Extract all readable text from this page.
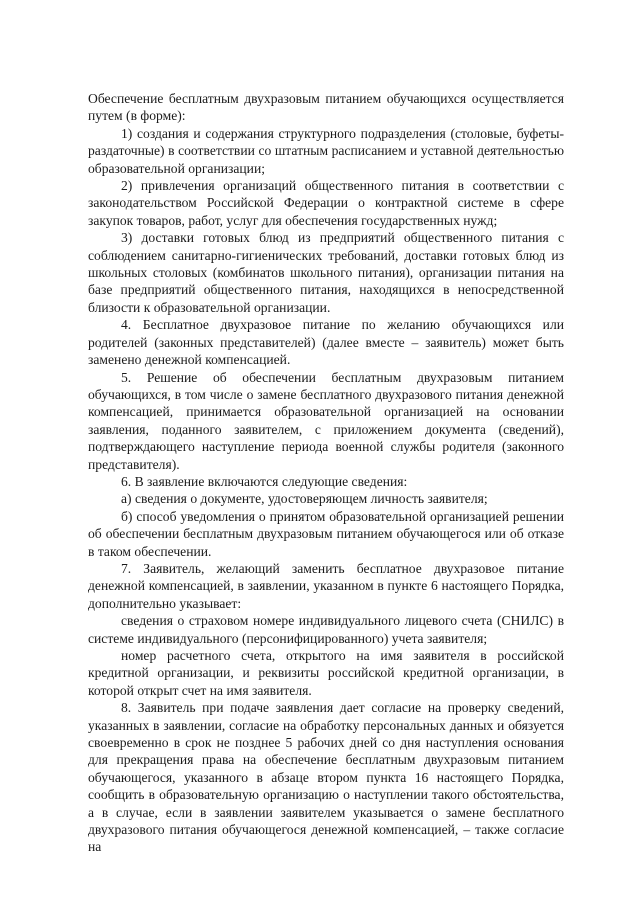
Обеспечение бесплатным двухразовым питанием обучающихся осуществляется путем (в форме):

1) создания и содержания структурного подразделения (столовые, буфеты-раздаточные) в соответствии со штатным расписанием и уставной деятельностью образовательной организации;

2) привлечения организаций общественного питания в соответствии с законодательством Российской Федерации о контрактной системе в сфере закупок товаров, работ, услуг для обеспечения государственных нужд;

3) доставки готовых блюд из предприятий общественного питания с соблюдением санитарно-гигиенических требований, доставки готовых блюд из школьных столовых (комбинатов школьного питания), организации питания на базе предприятий общественного питания, находящихся в непосредственной близости к образовательной организации.

4. Бесплатное двухразовое питание по желанию обучающихся или родителей (законных представителей) (далее вместе – заявитель) может быть заменено денежной компенсацией.

5. Решение об обеспечении бесплатным двухразовым питанием обучающихся, в том числе о замене бесплатного двухразового питания денежной компенсацией, принимается образовательной организацией на основании заявления, поданного заявителем, с приложением документа (сведений), подтверждающего наступление периода военной службы родителя (законного представителя).

6. В заявление включаются следующие сведения:

а) сведения о документе, удостоверяющем личность заявителя;

б) способ уведомления о принятом образовательной организацией решении об обеспечении бесплатным двухразовым питанием обучающегося или об отказе в таком обеспечении.

7. Заявитель, желающий заменить бесплатное двухразовое питание денежной компенсацией, в заявлении, указанном в пункте 6 настоящего Порядка, дополнительно указывает:

сведения о страховом номере индивидуального лицевого счета (СНИЛС) в системе индивидуального (персонифицированного) учета заявителя;

номер расчетного счета, открытого на имя заявителя в российской кредитной организации, и реквизиты российской кредитной организации, в которой открыт счет на имя заявителя.

8. Заявитель при подаче заявления дает согласие на проверку сведений, указанных в заявлении, согласие на обработку персональных данных и обязуется своевременно в срок не позднее 5 рабочих дней со дня наступления основания для прекращения права на обеспечение бесплатным двухразовым питанием обучающегося, указанного в абзаце втором пункта 16 настоящего Порядка, сообщить в образовательную организацию о наступлении такого обстоятельства, а в случае, если в заявлении заявителем указывается о замене бесплатного двухразового питания обучающегося денежной компенсацией, – также согласие на
